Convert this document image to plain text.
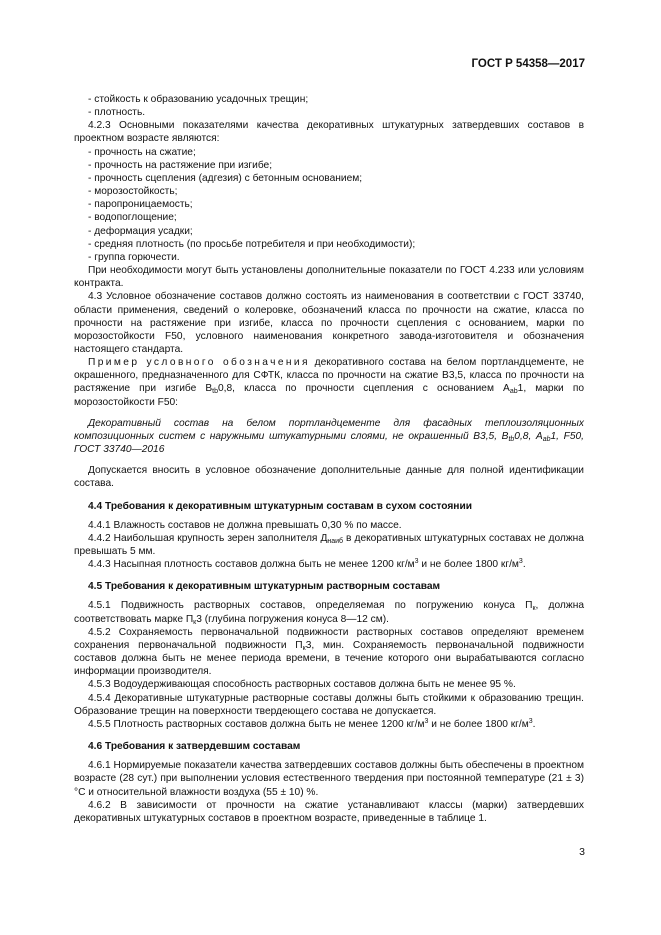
ГОСТ Р 54358—2017

- стойкость к образованию усадочных трещин;

- плотность.

4.2.3 Основными показателями качества декоративных штукатурных затвердевших составов в проектном возрасте являются:

- прочность на сжатие;

- прочность на растяжение при изгибе;

- прочность сцепления (адгезия) с бетонным основанием;

- морозостойкость;

- паропроницаемость;

- водопоглощение;

- деформация усадки;

- средняя плотность (по просьбе потребителя и при необходимости);

- группа горючести.

При необходимости могут быть установлены дополнительные показатели по ГОСТ 4.233 или условиям контракта.

4.3 Условное обозначение составов должно состоять из наименования в соответствии с ГОСТ 33740, области применения, сведений о колеровке, обозначений класса по прочности на сжатие, класса по прочности на растяжение при изгибе, класса по прочности сцепления с основанием, марки по морозостойкости F50, условного наименования конкретного завода-изготовителя и обозначения настоящего стандарта.

Пример условного обозначения декоративного состава на белом портландцементе, не окрашенного, предназначенного для СФТК, класса по прочности на сжатие В3,5, класса по прочности на растяжение при изгибе $В_{tb}0,8$, класса по прочности сцепления с основанием $А_{ab}1$, марки по морозостойкости F50:

Декоративный состав на белом портландцементе для фасадных теплоизоляционных композиционных систем с наружными штукатурными слоями, не окрашенный В3,5, $В_{tb}0,8$, $А_{ab}1$, F50, ГОСТ 33740—2016

Допускается вносить в условное обозначение дополнительные данные для полной идентификации состава.

4.4 Требования к декоративным штукатурным составам в сухом состоянии

4.4.1 Влажность составов не должна превышать 0,30 % по массе.

4.4.2 Наибольшая крупность зерен заполнителя $Д_{наиб}$ в декоративных штукатурных составах не должна превышать 5 мм.

4.4.3 Насыпная плотность составов должна быть не менее 1200 $кг/м^3$ и не более 1800 $кг/м^3$.

4.5 Требования к декоративным штукатурным растворным составам

4.5.1 Подвижность растворных составов, определяемая по погружению конуса $П_к$, должна соответствовать марке $П_к3$ (глубина погружения конуса 8—12 см).

4.5.2 Сохраняемость первоначальной подвижности растворных составов определяют временем сохранения первоначальной подвижности $П_к3$, мин. Сохраняемость первоначальной подвижности составов должна быть не менее периода времени, в течение которого они вырабатываются согласно информации производителя.

4.5.3 Водоудерживающая способность растворных составов должна быть не менее 95 %.

4.5.4 Декоративные штукатурные растворные составы должны быть стойкими к образованию трещин. Образование трещин на поверхности твердеющего состава не допускается.

4.5.5 Плотность растворных составов должна быть не менее 1200 $кг/м^3$ и не более 1800 $кг/м^3$.

4.6 Требования к затвердевшим составам

4.6.1 Нормируемые показатели качества затвердевших составов должны быть обеспечены в проектном возрасте (28 сут.) при выполнении условия естественного твердения при постоянной температуре (21 ± 3) °С и относительной влажности воздуха (55 ± 10) %.

4.6.2 В зависимости от прочности на сжатие устанавливают классы (марки) затвердевших декоративных штукатурных составов в проектном возрасте, приведенные в таблице 1.

3
